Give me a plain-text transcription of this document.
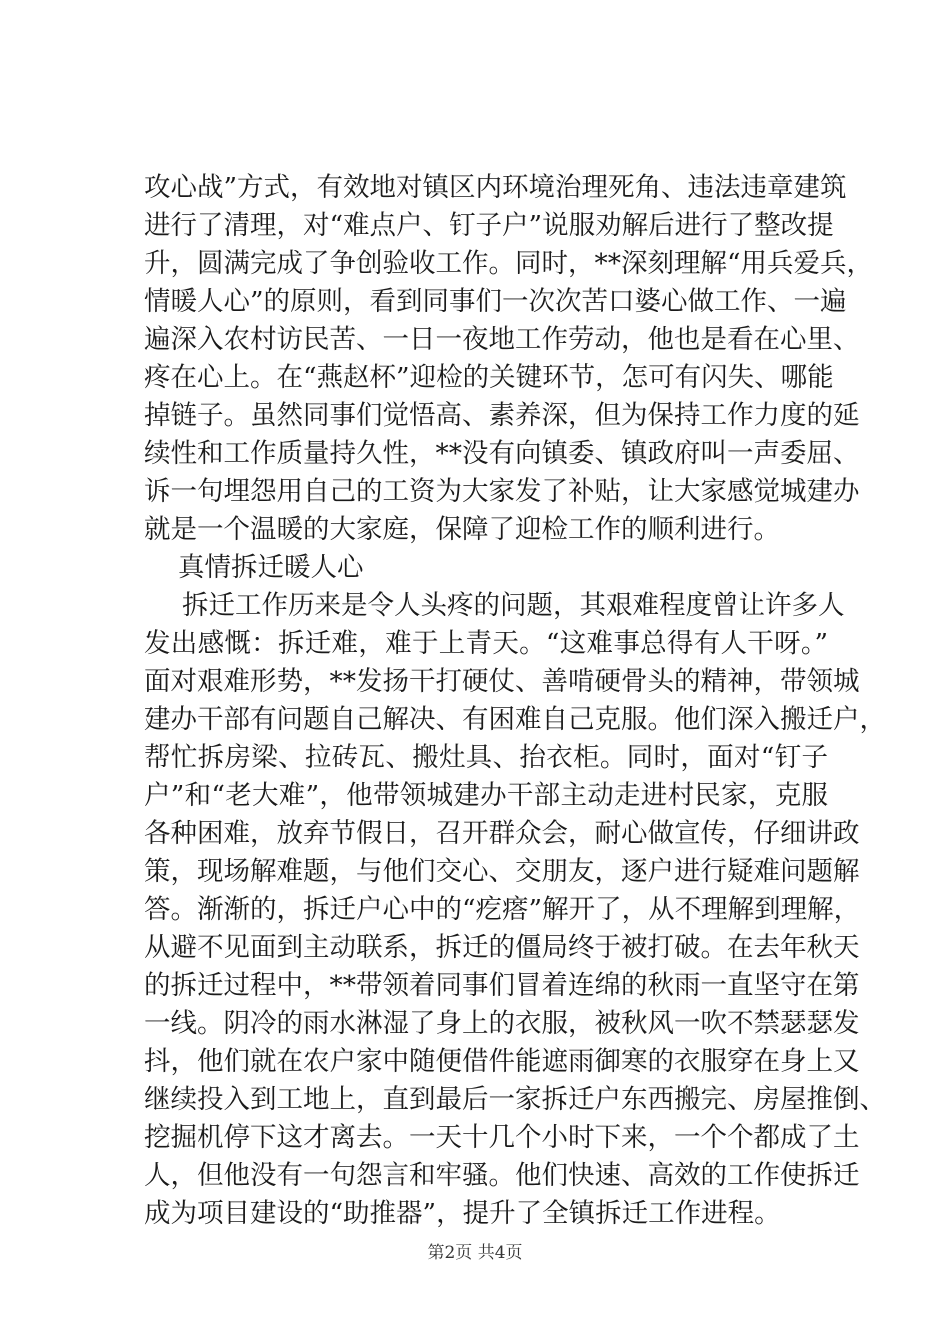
攻心战”方式，有效地对镇区内环境治理死角、违法违章建筑
进行了清理，对“难点户、钉子户”说服劝解后进行了整改提
升，圆满完成了争创验收工作。同时，**深刻理解“用兵爱兵，
情暖人心”的原则，看到同事们一次次苦口婆心做工作、一遍
遍深入农村访民苦、一日一夜地工作劳动，他也是看在心里、
疼在心上。在“燕赵杯”迎检的关键环节，怎可有闪失、哪能
掉链子。虽然同事们觉悟高、素养深，但为保持工作力度的延
续性和工作质量持久性，**没有向镇委、镇政府叫一声委屈、
诉一句埋怨用自己的工资为大家发了补贴，让大家感觉城建办
就是一个温暖的大家庭，保障了迎检工作的顺利进行。
真情拆迁暖人心
拆迁工作历来是令人头疼的问题，其艰难程度曾让许多人
发出感慨：拆迁难，难于上青天。“这难事总得有人干呀。”
面对艰难形势，**发扬干打硬仗、善啃硬骨头的精神，带领城
建办干部有问题自己解决、有困难自己克服。他们深入搬迁户，
帮忙拆房梁、拉砖瓦、搬灶具、抬衣柜。同时，面对“钉子
户”和“老大难”，他带领城建办干部主动走进村民家，克服
各种困难，放弃节假日，召开群众会，耐心做宣传，仔细讲政
策，现场解难题，与他们交心、交朋友，逐户进行疑难问题解
答。渐渐的，拆迁户心中的“疙瘩”解开了，从不理解到理解，
从避不见面到主动联系，拆迁的僵局终于被打破。在去年秋天
的拆迁过程中，**带领着同事们冒着连绵的秋雨一直坚守在第
一线。阴冷的雨水淋湿了身上的衣服，被秋风一吹不禁瑟瑟发
抖，他们就在农户家中随便借件能遮雨御寒的衣服穿在身上又
继续投入到工地上，直到最后一家拆迁户东西搬完、房屋推倒、
挖掘机停下这才离去。一天十几个小时下来，一个个都成了土
人，但他没有一句怨言和牢骚。他们快速、高效的工作使拆迁
成为项目建设的“助推器”，提升了全镇拆迁工作进程。
第2页 共4页
